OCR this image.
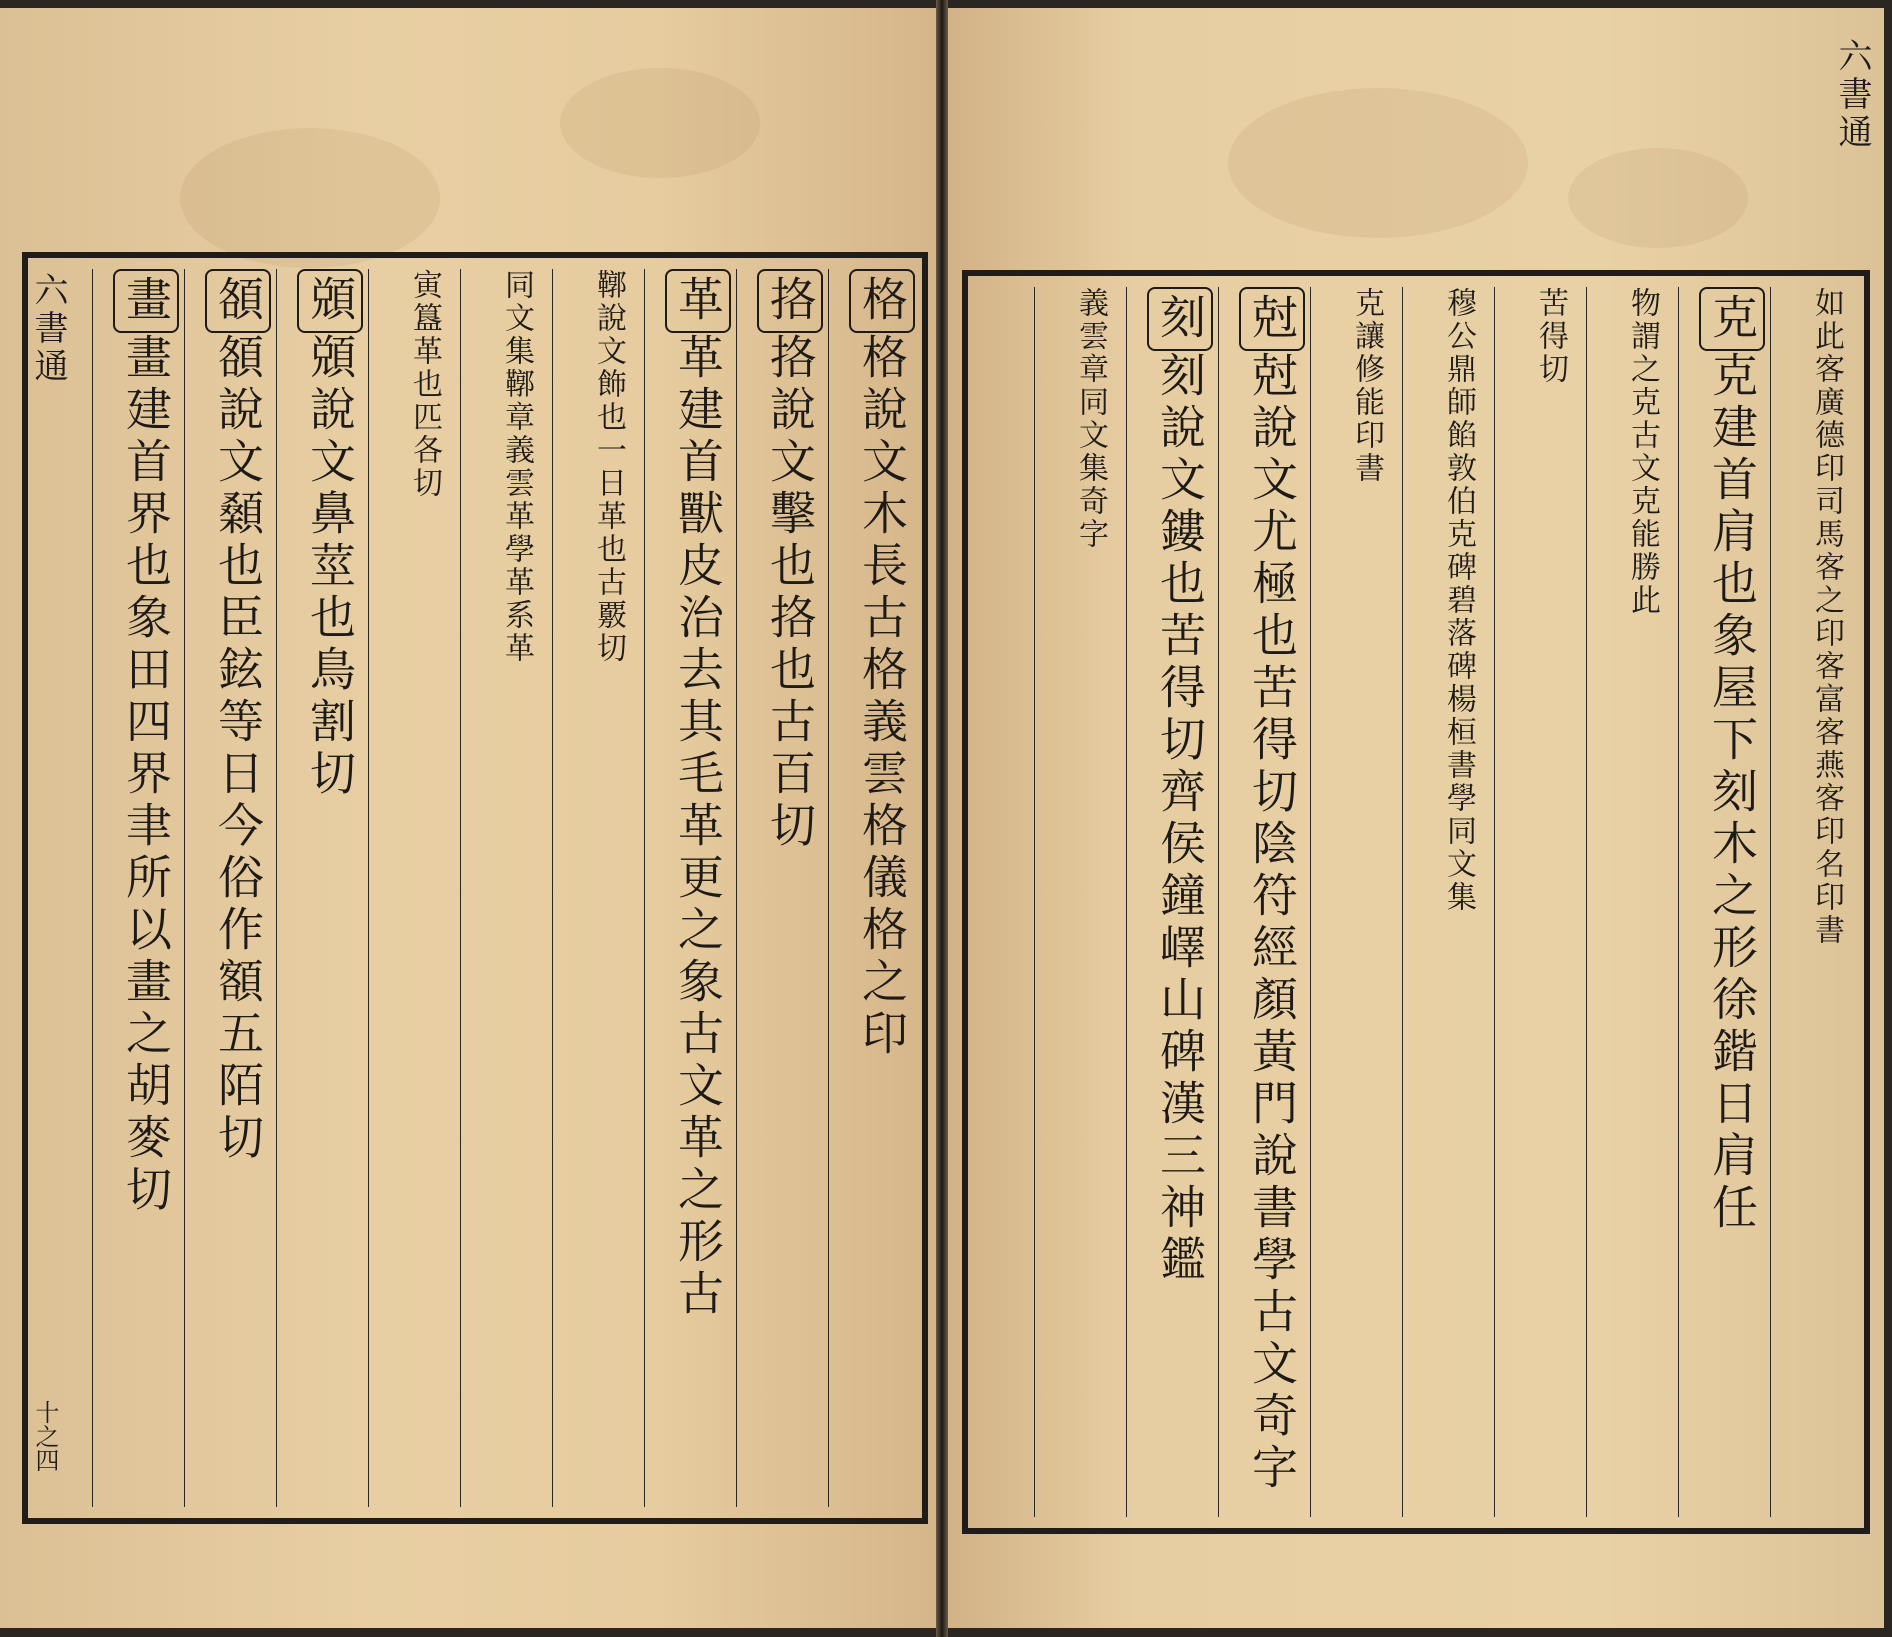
六書通
十之四
格格說文木長古格義雲格儀格之印
挌挌說文擊也挌也古百切
革革建首獸皮治去其毛革更之象古文革之形古
鞹說文飾也一日革也古覈切
同文集鞹章義雲革學革系革
寅簋革也匹各切
䫄䫄說文鼻莖也鳥割切
頟頟說文顙也臣鉉等日今俗作額五陌切
畫畫建首界也象田四界聿所以畫之胡麥切
六書通
如此客廣德印司馬客之印客富客燕客印名印書
克克建首肩也象屋下刻木之形徐鍇日肩任
物謂之克古文克能勝此
苦得切
穆公鼎師餡敦伯克碑碧落碑楊桓書學同文集
克讓修能印書
尅尅說文尤極也苦得切陰符經顏黃門說書學古文奇字
刻刻說文鏤也苦得切齊侯鐘嶧山碑漢三神鑑
義雲章同文集奇字
